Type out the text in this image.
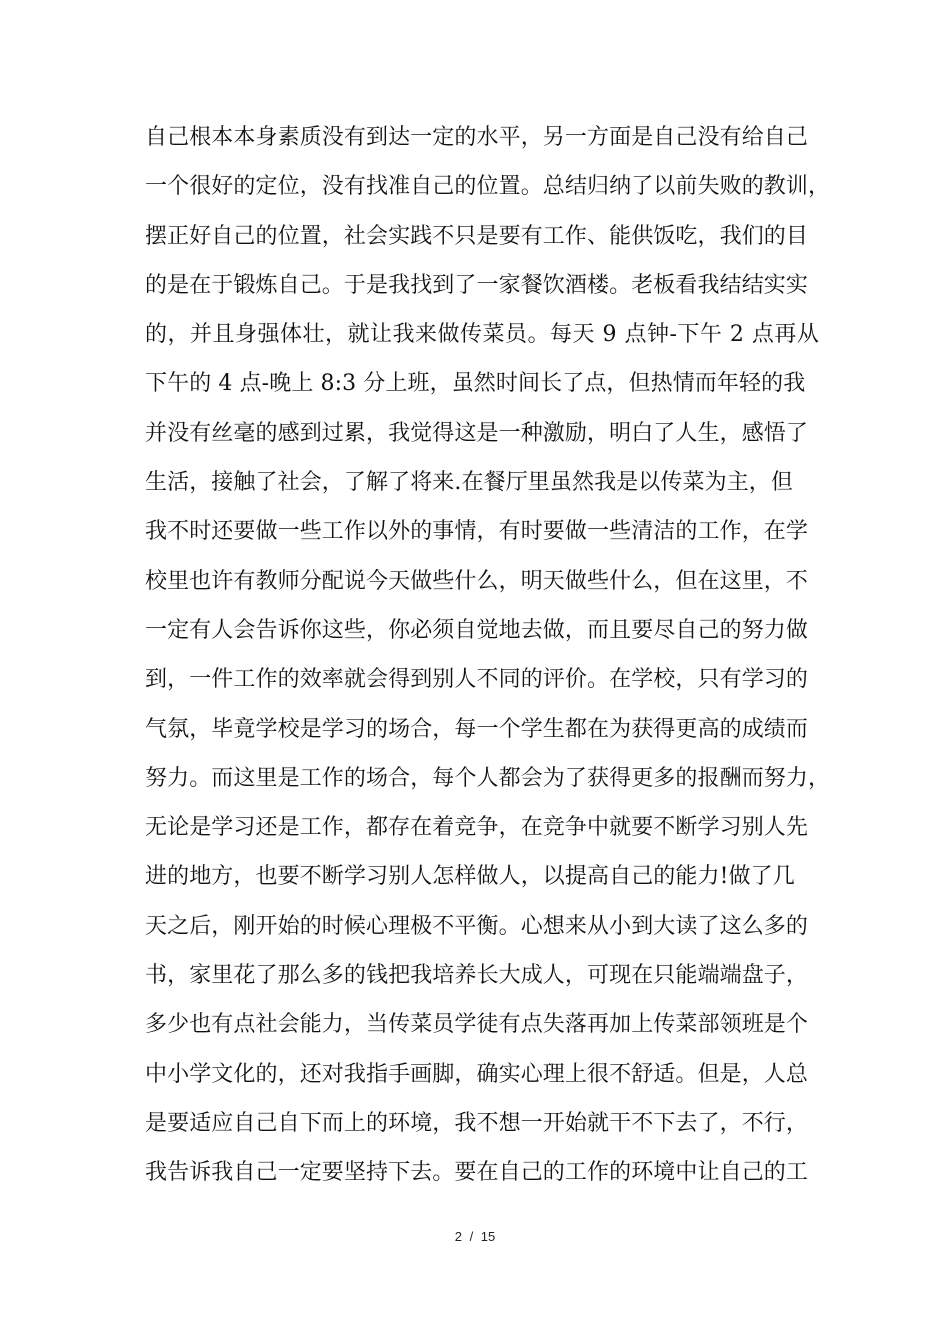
自己根本本身素质没有到达一定的水平，另一方面是自己没有给自己
一个很好的定位，没有找准自己的位置。总结归纳了以前失败的教训，
摆正好自己的位置，社会实践不只是要有工作、能供饭吃，我们的目
的是在于锻炼自己。于是我找到了一家餐饮酒楼。老板看我结结实实
的，并且身强体壮，就让我来做传菜员。每天 9 点钟-下午 2 点再从
下午的 4 点-晚上 8:3 分上班，虽然时间长了点，但热情而年轻的我
并没有丝毫的感到过累，我觉得这是一种激励，明白了人生，感悟了
生活，接触了社会，了解了将来.在餐厅里虽然我是以传菜为主，但
我不时还要做一些工作以外的事情，有时要做一些清洁的工作，在学
校里也许有教师分配说今天做些什么，明天做些什么，但在这里，不
一定有人会告诉你这些，你必须自觉地去做，而且要尽自己的努力做
到，一件工作的效率就会得到别人不同的评价。在学校，只有学习的
气氛，毕竟学校是学习的场合，每一个学生都在为获得更高的成绩而
努力。而这里是工作的场合，每个人都会为了获得更多的报酬而努力，
无论是学习还是工作，都存在着竞争，在竞争中就要不断学习别人先
进的地方，也要不断学习别人怎样做人，以提高自己的能力!做了几
天之后，刚开始的时候心理极不平衡。心想来从小到大读了这么多的
书，家里花了那么多的钱把我培养长大成人，可现在只能端端盘子，
多少也有点社会能力，当传菜员学徒有点失落再加上传菜部领班是个
中小学文化的，还对我指手画脚，确实心理上很不舒适。但是，人总
是要适应自己自下而上的环境，我不想一开始就干不下去了，不行，
我告诉我自己一定要坚持下去。要在自己的工作的环境中让自己的工
2 / 15
